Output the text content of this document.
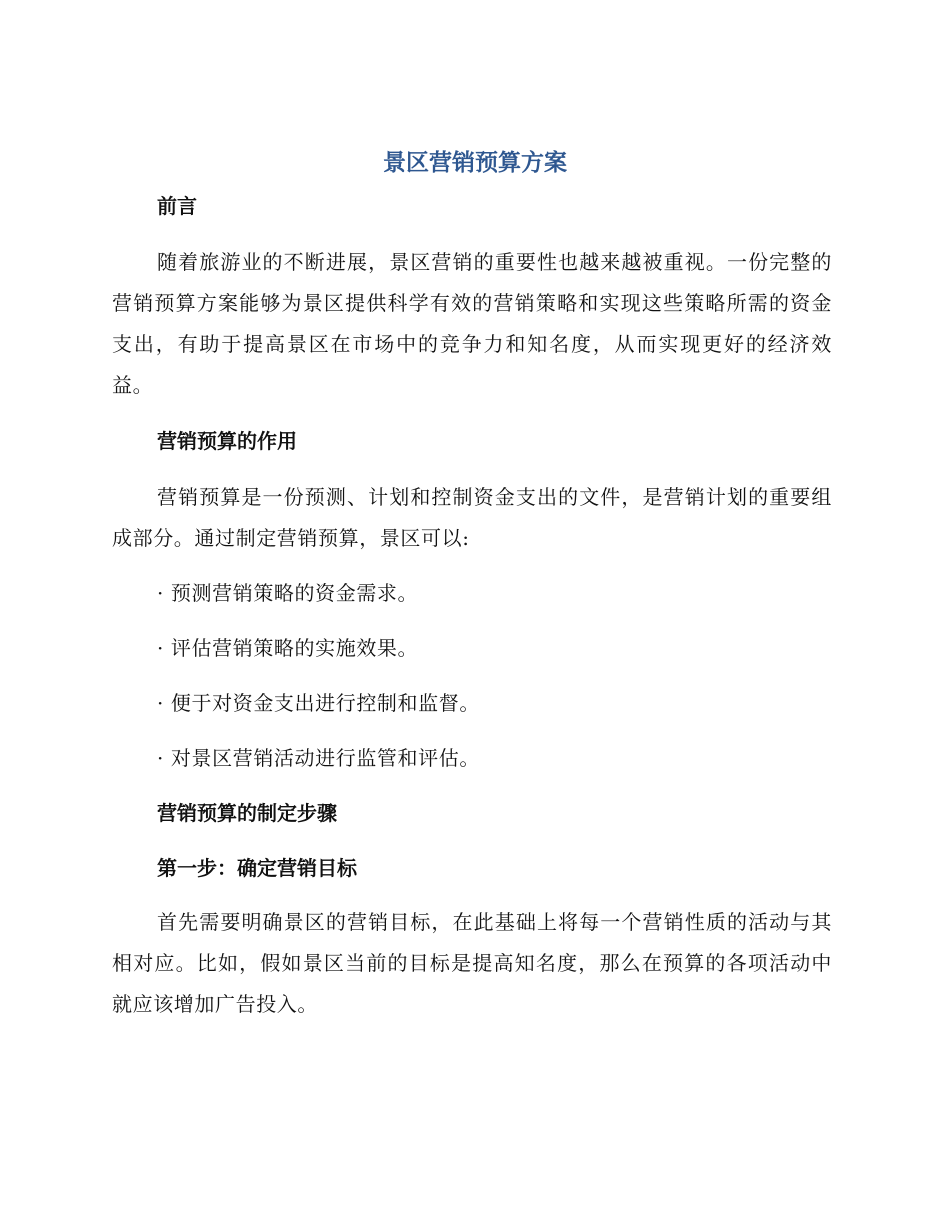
景区营销预算方案
前言
随着旅游业的不断进展，景区营销的重要性也越来越被重视。一份完整的营销预算方案能够为景区提供科学有效的营销策略和实现这些策略所需的资金支出，有助于提高景区在市场中的竞争力和知名度，从而实现更好的经济效益。
营销预算的作用
营销预算是一份预测、计划和控制资金支出的文件，是营销计划的重要组成部分。通过制定营销预算，景区可以:
· 预测营销策略的资金需求。
· 评估营销策略的实施效果。
· 便于对资金支出进行控制和监督。
· 对景区营销活动进行监管和评估。
营销预算的制定步骤
第一步：确定营销目标
首先需要明确景区的营销目标，在此基础上将每一个营销性质的活动与其相对应。比如，假如景区当前的目标是提高知名度，那么在预算的各项活动中就应该增加广告投入。
